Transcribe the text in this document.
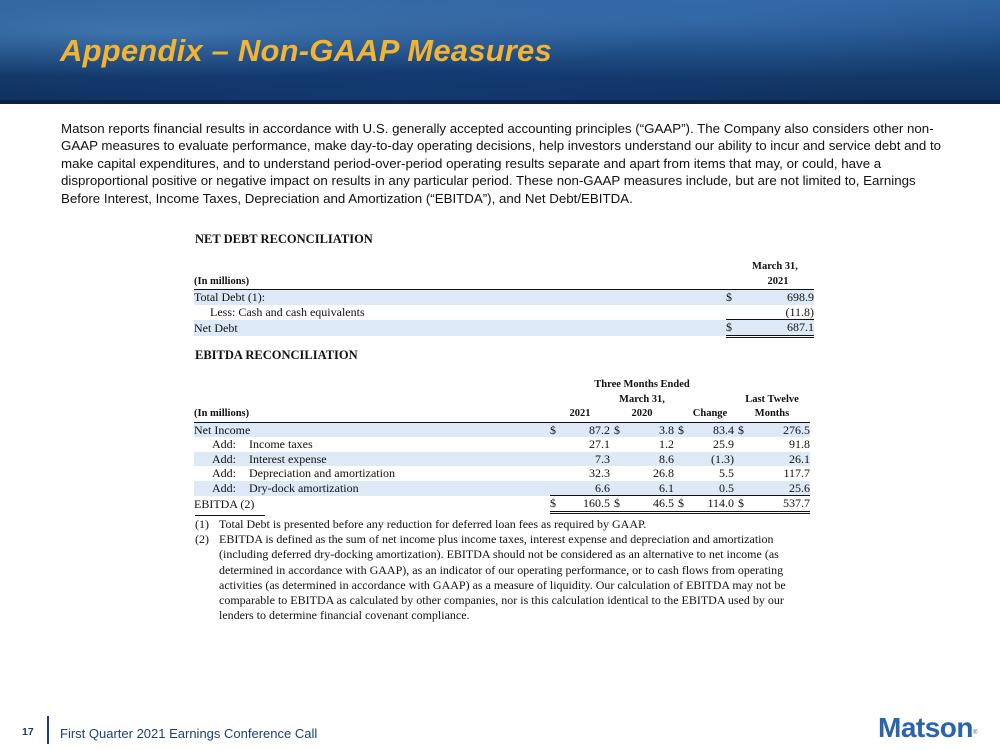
Appendix – Non-GAAP Measures
Matson reports financial results in accordance with U.S. generally accepted accounting principles (“GAAP”). The Company also considers other non-GAAP measures to evaluate performance, make day-to-day operating decisions, help investors understand our ability to incur and service debt and to make capital expenditures, and to understand period-over-period operating results separate and apart from items that may, or could, have a disproportional positive or negative impact on results in any particular period. These non-GAAP measures include, but are not limited to, Earnings Before Interest, Income Taxes, Depreciation and Amortization (“EBITDA”), and Net Debt/EBITDA.
NET DEBT RECONCILIATION
	March 31,	
(In millions)		2021
Total Debt (1):	$	698.9
Less: Cash and cash equivalents		(11.8)
Net Debt	$	687.1
EBITDA RECONCILIATION
		Three Months Ended							
		March 31,						Last Twelve	
(In millions)		2021		2020		Change		Months	
Net Income		$	87.2	$	3.8	$	83.4	$	276.5
	Add: Income taxes		27.1		1.2		25.9		91.8
	Add: Interest expense		7.3		8.6		(1.3)		26.1
	Add: Depreciation and amortization		32.3		26.8		5.5		117.7
	Add: Dry-dock amortization		6.6		6.1		0.5		25.6
EBITDA (2)		$	160.5	$	46.5	$	114.0	$	537.7
(1) Total Debt is presented before any reduction for deferred loan fees as required by GAAP.
(2) EBITDA is defined as the sum of net income plus income taxes, interest expense and depreciation and amortization (including deferred dry-docking amortization). EBITDA should not be considered as an alternative to net income (as determined in accordance with GAAP), as an indicator of our operating performance, or to cash flows from operating activities (as determined in accordance with GAAP) as a measure of liquidity. Our calculation of EBITDA may not be comparable to EBITDA as calculated by other companies, nor is this calculation identical to the EBITDA used by our lenders to determine financial covenant compliance.
17 First Quarter 2021 Earnings Conference Call	Matson®
